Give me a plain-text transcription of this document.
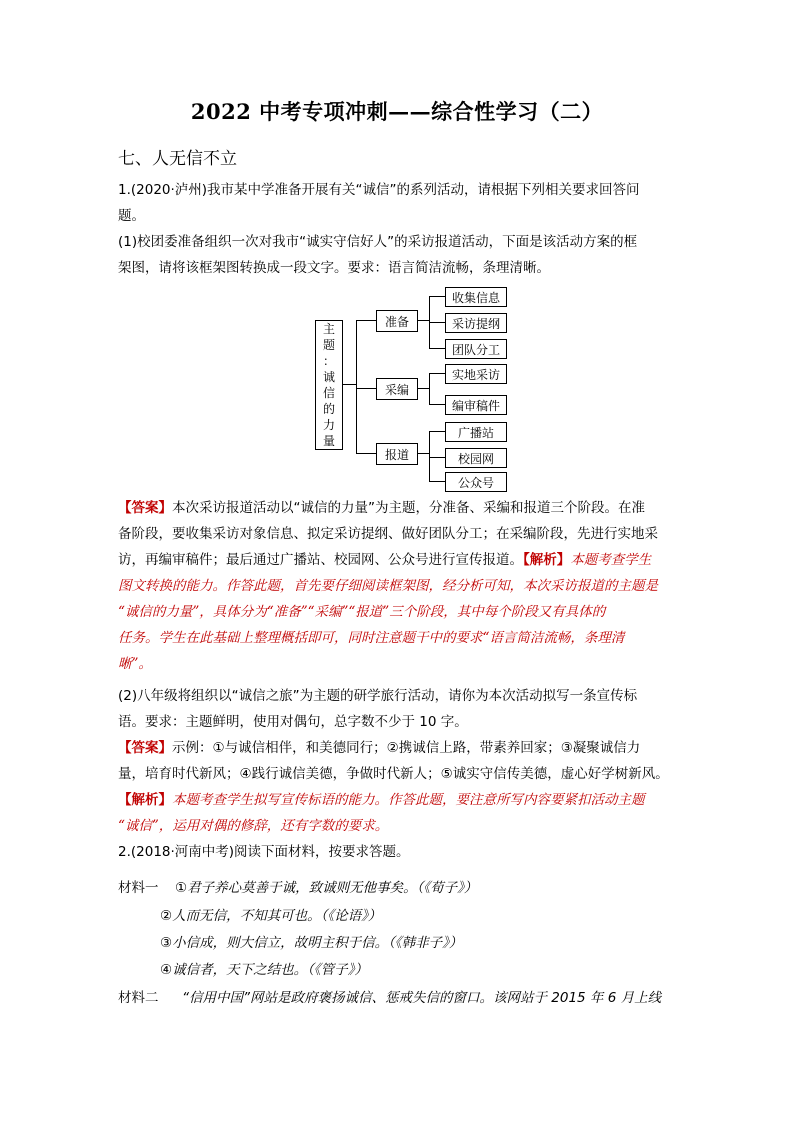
2022 中考专项冲刺——综合性学习（二）
七、人无信不立

1.(2020·泸州)我市某中学准备开展有关“诚信”的系列活动，请根据下列相关要求回答问
题。
(1)校团委准备组织一次对我市“诚实守信好人”的采访报道活动，下面是该活动方案的框
架图，请将该框架图转换成一段文字。要求：语言简洁流畅，条理清晰。

主
题
：
诚
信
的
力
量
准备
采编
报道
收集信息
采访提纲
团队分工
实地采访
编审稿件
广播站
校园网
公众号

【答案】本次采访报道活动以“诚信的力量”为主题，分准备、采编和报道三个阶段。在准
备阶段，要收集采访对象信息、拟定采访提纲、做好团队分工；在采编阶段，先进行实地采
访，再编审稿件；最后通过广播站、校园网、公众号进行宣传报道。【解析】本题考查学生
图文转换的能力。作答此题，首先要仔细阅读框架图，经分析可知，本次采访报道的主题是
“诚信的力量”，具体分为“准备”“采编”“报道”三个阶段，其中每个阶段又有具体的
任务。学生在此基础上整理概括即可，同时注意题干中的要求“语言简洁流畅，条理清
晰”。

(2)八年级将组织以“诚信之旅”为主题的研学旅行活动，请你为本次活动拟写一条宣传标
语。要求：主题鲜明，使用对偶句，总字数不少于 10 字。
【答案】示例：①与诚信相伴，和美德同行；②携诚信上路，带素养回家；③凝聚诚信力
量，培育时代新风；④践行诚信美德，争做时代新人；⑤诚实守信传美德，虚心好学树新风。
【解析】本题考查学生拟写宣传标语的能力。作答此题，要注意所写内容要紧扣活动主题
“诚信”，运用对偶的修辞，还有字数的要求。
2.(2018·河南中考)阅读下面材料，按要求答题。

材料一 ①君子养心莫善于诚，致诚则无他事矣。（《荀子》）
②人而无信，不知其可也。（《论语》）
③小信成，则大信立，故明主积于信。（《韩非子》）
④诚信者，天下之结也。（《管子》）
材料二 “信用中国”网站是政府褒扬诚信、惩戒失信的窗口。该网站于 2015 年 6 月上线
